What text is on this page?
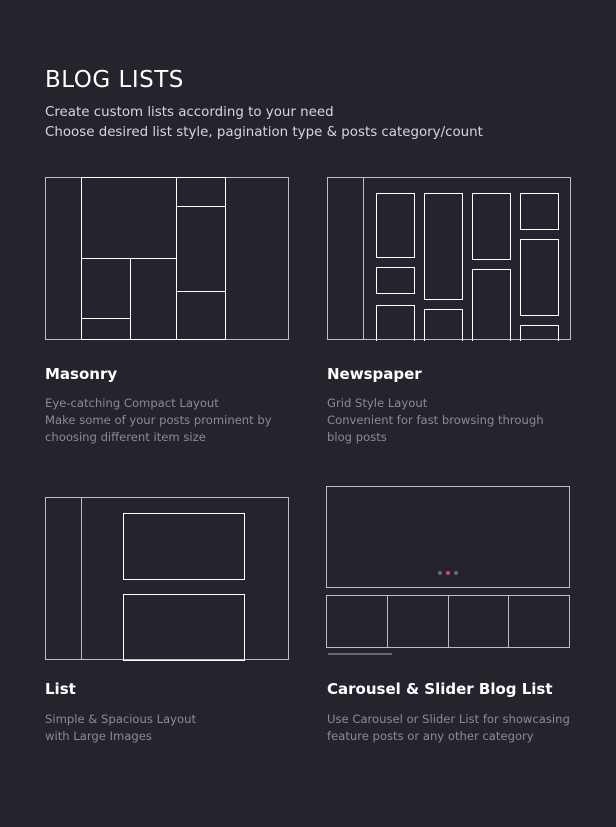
BLOG LISTS

Create custom lists according to your need
Choose desired list style, pagination type & posts category/count

Masonry

Eye-catching Compact Layout
Make some of your posts prominent by
choosing different item size

Newspaper

Grid Style Layout
Convenient for fast browsing through
blog posts

List

Simple & Spacious Layout
with Large Images

Carousel & Slider Blog List

Use Carousel or Slider List for showcasing
feature posts or any other category
